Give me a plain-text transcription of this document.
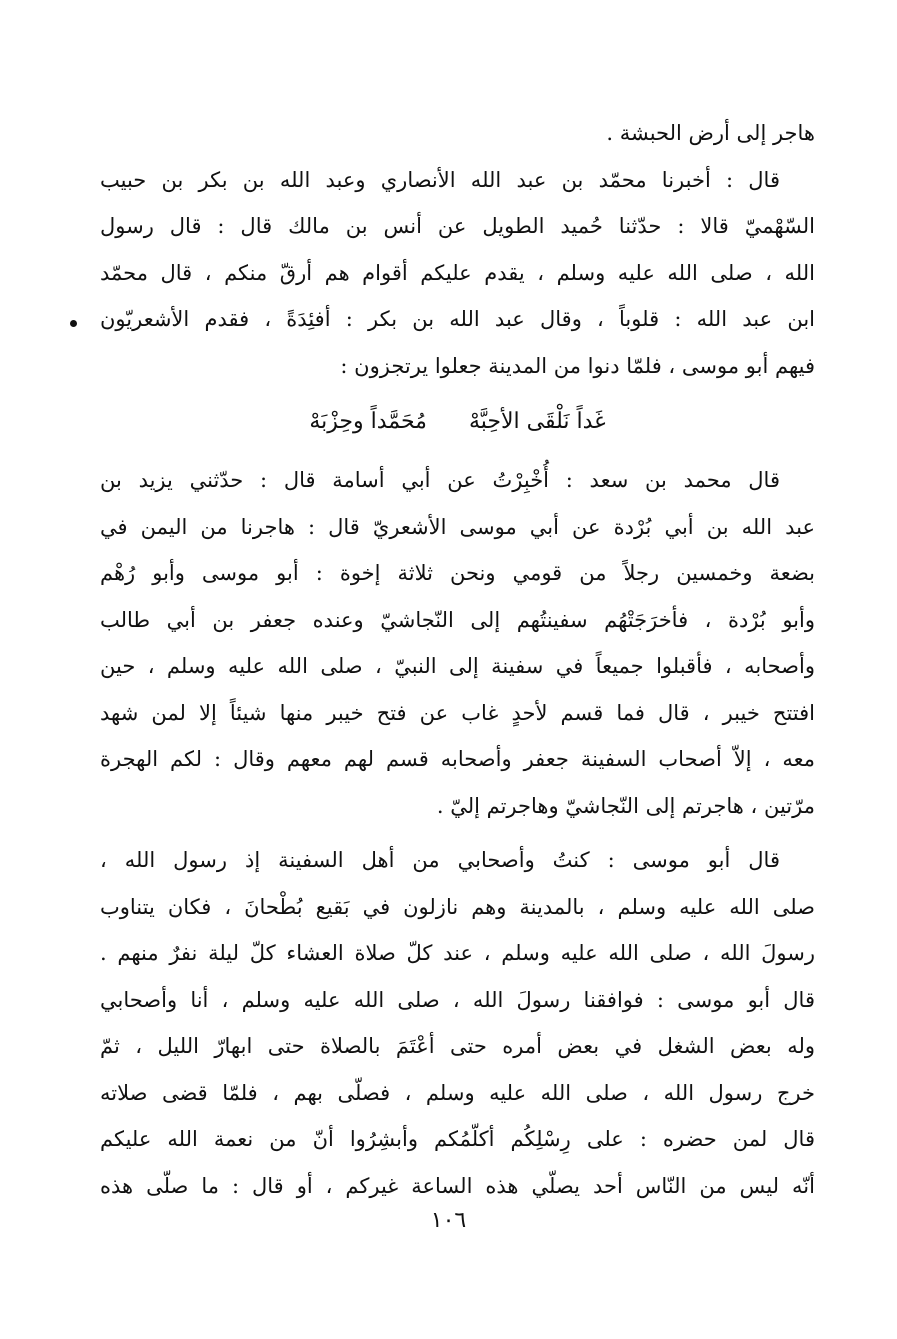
هاجر إلى أرض الحبشة .
قال : أخبرنا محمّد بن عبد الله الأنصاري وعبد الله بن بكر بن حبيب
السّهْميّ قالا : حدّثنا حُميد الطويل عن أنس بن مالك قال : قال رسول
الله ، صلى الله عليه وسلم ، يقدم عليكم أقوام هم أرقّ منكم ، قال محمّد
ابن عبد الله : قلوباً ، وقال عبد الله بن بكر : أفئِدَةً ، فقدم الأشعريّون
فيهم أبو موسى ، فلمّا دنوا من المدينة جعلوا يرتجزون :
غَداً نَلْقَى الأحِبَّهْ
مُحَمَّداً وحِزْبَهْ
قال محمد بن سعد : أُخْبِرْتُ عن أبي أسامة قال : حدّثني يزيد بن
عبد الله بن أبي بُرْدة عن أبي موسى الأشعريّ قال : هاجرنا من اليمن في
بضعة وخمسين رجلاً من قومي ونحن ثلاثة إخوة : أبو موسى وأبو رُهْم
وأبو بُرْدة ، فأخرَجَتْهُم سفينتُهم إلى النّجاشيّ وعنده جعفر بن أبي طالب
وأصحابه ، فأقبلوا جميعاً في سفينة إلى النبيّ ، صلى الله عليه وسلم ، حين
افتتح خيبر ، قال فما قسم لأحدٍ غاب عن فتح خيبر منها شيئاً إلا لمن شهد
معه ، إلاّ أصحاب السفينة جعفر وأصحابه قسم لهم معهم وقال : لكم الهجرة
مرّتين ، هاجرتم إلى النّجاشيّ وهاجرتم إليّ .
قال أبو موسى : كنتُ وأصحابي من أهل السفينة إذ رسول الله ،
صلى الله عليه وسلم ، بالمدينة وهم نازلون في بَقيع بُطْحانَ ، فكان يتناوب
رسولَ الله ، صلى الله عليه وسلم ، عند كلّ صلاة العشاء كلّ ليلة نفرٌ منهم .
قال أبو موسى : فوافقنا رسولَ الله ، صلى الله عليه وسلم ، أنا وأصحابي
وله بعض الشغل في بعض أمره حتى أعْتَمَ بالصلاة حتى ابهارّ الليل ، ثمّ
خرج رسول الله ، صلى الله عليه وسلم ، فصلّى بهم ، فلمّا قضى صلاته
قال لمن حضره : على رِسْلِكُم أكلّمُكم وأبشِرُوا أنّ من نعمة الله عليكم
أنّه ليس من النّاس أحد يصلّي هذه الساعة غيركم ، أو قال : ما صلّى هذه
١٠٦
